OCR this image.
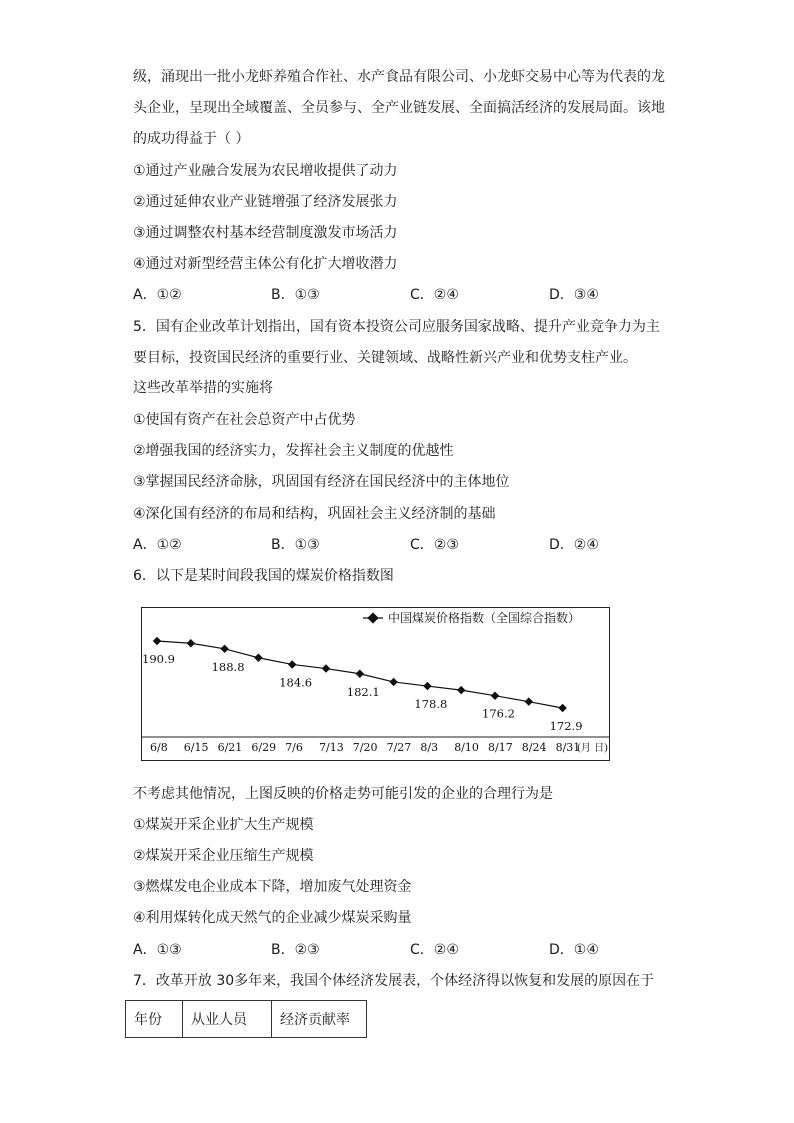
级，涌现出一批小龙虾养殖合作社、水产食品有限公司、小龙虾交易中心等为代表的龙
头企业，呈现出全域覆盖、全员参与、全产业链发展、全面搞活经济的发展局面。该地
的成功得益于（ ）
①通过产业融合发展为农民增收提供了动力
②通过延伸农业产业链增强了经济发展张力
③通过调整农村基本经营制度激发市场活力
④通过对新型经营主体公有化扩大增收潜力
A．①②	B．①③	C．②④	D．③④
5．国有企业改革计划指出，国有资本投资公司应服务国家战略、提升产业竞争力为主
要目标，投资国民经济的重要行业、关键领域、战略性新兴产业和优势支柱产业。
这些改革举措的实施将
①使国有资产在社会总资产中占优势
②增强我国的经济实力，发挥社会主义制度的优越性
③掌握国民经济命脉，巩固国有经济在国民经济中的主体地位
④深化国有经济的布局和结构，巩固社会主义经济制的基础
A．①②	B．①③	C．②③	D．②④
6．以下是某时间段我国的煤炭价格指数图
中国煤炭价格指数（全国综合指数）
6/8 6/15 6/21 6/29 7/6 7/13 7/20 7/27 8/3 8/10 8/17 8/24 8/31
190.9
188.8
184.6
182.1
178.8
176.2
172.9
(月 日)
不考虑其他情况，上图反映的价格走势可能引发的企业的合理行为是
①煤炭开采企业扩大生产规模
②煤炭开采企业压缩生产规模
③燃煤发电企业成本下降，增加废气处理资金
④利用煤转化成天然气的企业减少煤炭采购量
A．①③	B．②③	C．②④	D．①④
7．改革开放 30多年来，我国个体经济发展表，个体经济得以恢复和发展的原因在于
年份	从业人员	经济贡献率
